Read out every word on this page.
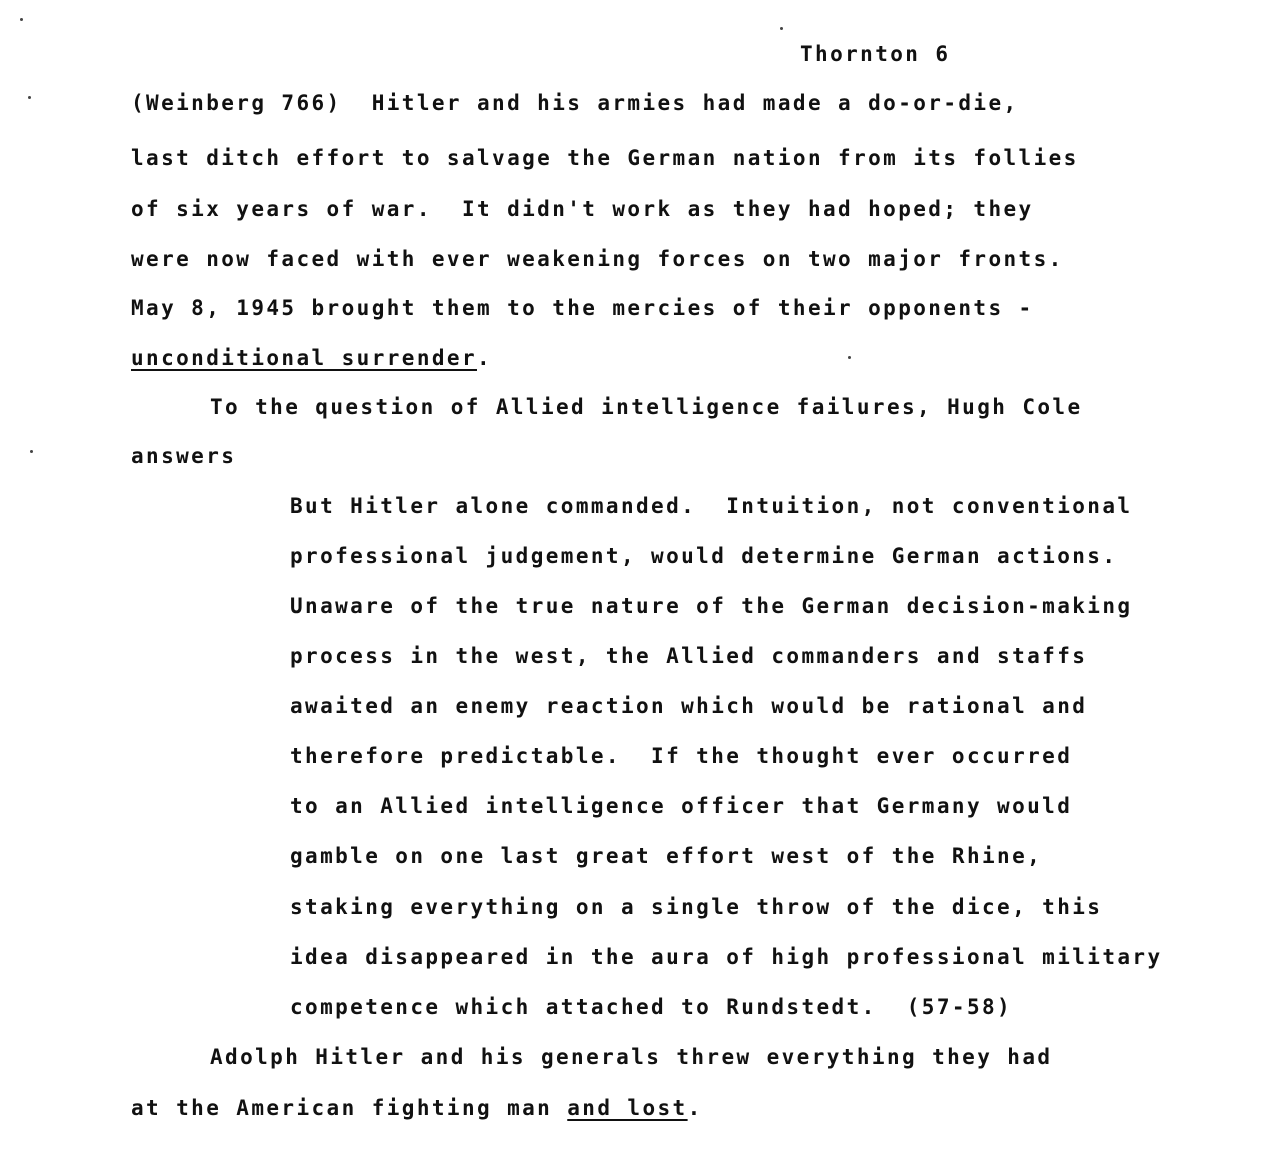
Thornton 6
(Weinberg 766)  Hitler and his armies had made a do-or-die,
last ditch effort to salvage the German nation from its follies
of six years of war.  It didn't work as they had hoped; they
were now faced with ever weakening forces on two major fronts.
May 8, 1945 brought them to the mercies of their opponents -
unconditional surrender.
To the question of Allied intelligence failures, Hugh Cole
answers
But Hitler alone commanded.  Intuition, not conventional
professional judgement, would determine German actions.
Unaware of the true nature of the German decision-making
process in the west, the Allied commanders and staffs
awaited an enemy reaction which would be rational and
therefore predictable.  If the thought ever occurred
to an Allied intelligence officer that Germany would
gamble on one last great effort west of the Rhine,
staking everything on a single throw of the dice, this
idea disappeared in the aura of high professional military
competence which attached to Rundstedt.  (57-58)
Adolph Hitler and his generals threw everything they had
at the American fighting man and lost.
